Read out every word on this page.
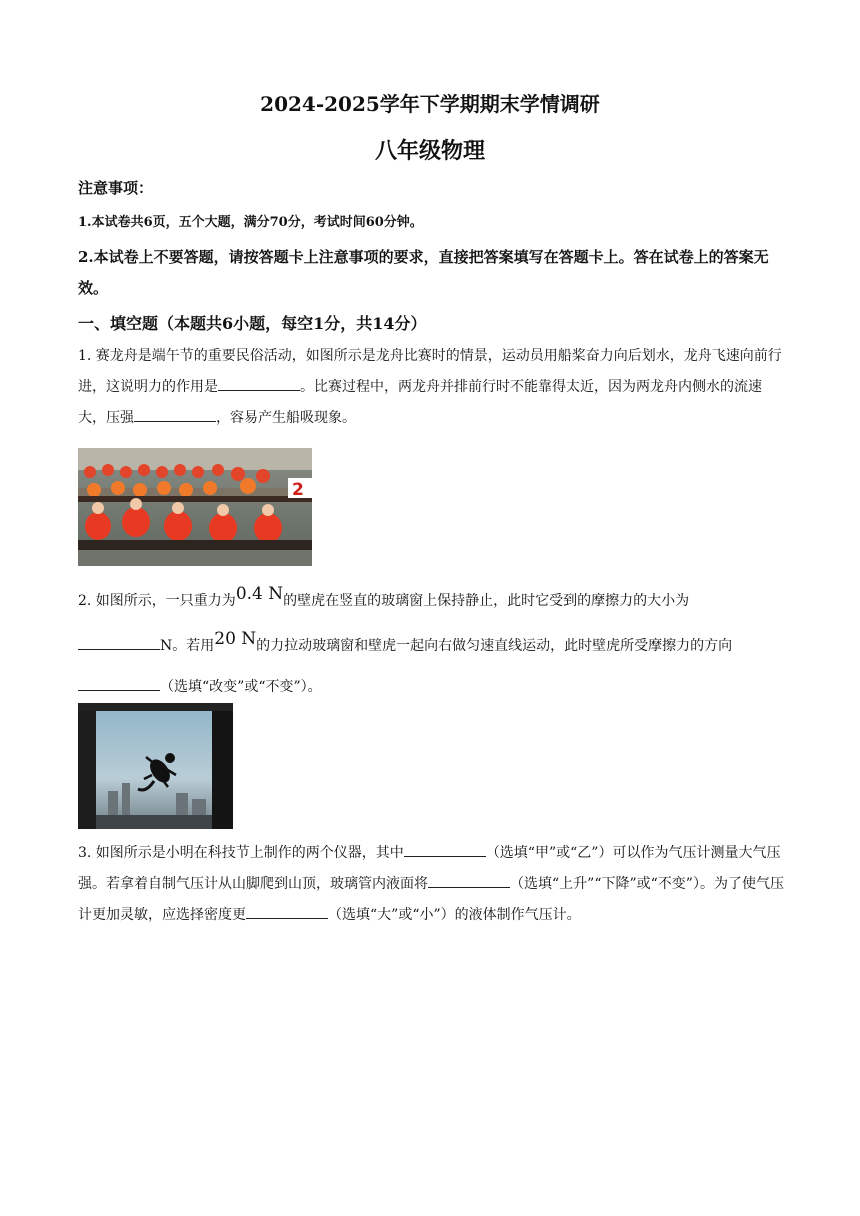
2024-2025学年下学期期末学情调研
八年级物理
注意事项：
1.本试卷共6页，五个大题，满分70分，考试时间60分钟。
2.本试卷上不要答题，请按答题卡上注意事项的要求，直接把答案填写在答题卡上。答在试卷上的答案无效。
一、填空题（本题共6小题，每空1分，共14分）
1. 赛龙舟是端午节的重要民俗活动，如图所示是龙舟比赛时的情景，运动员用船桨奋力向后划水，龙舟飞速向前行进，这说明力的作用是	。比赛过程中，两龙舟并排前行时不能靠得太近，因为两龙舟内侧水的流速大，压强	，容易产生船吸现象。
2
2. 如图所示，一只重力为0.4 N的壁虎在竖直的玻璃窗上保持静止，此时它受到的摩擦力的大小为
N。若用20 N的力拉动玻璃窗和壁虎一起向右做匀速直线运动，此时壁虎所受摩擦力的方向
（选填“改变”或“不变”）。
3. 如图所示是小明在科技节上制作的两个仪器，其中	（选填“甲”或“乙”）可以作为气压计测量大气压强。若拿着自制气压计从山脚爬到山顶，玻璃管内液面将	（选填“上升”“下降”或“不变”）。为了使气压计更加灵敏，应选择密度更	（选填“大”或“小”）的液体制作气压计。
